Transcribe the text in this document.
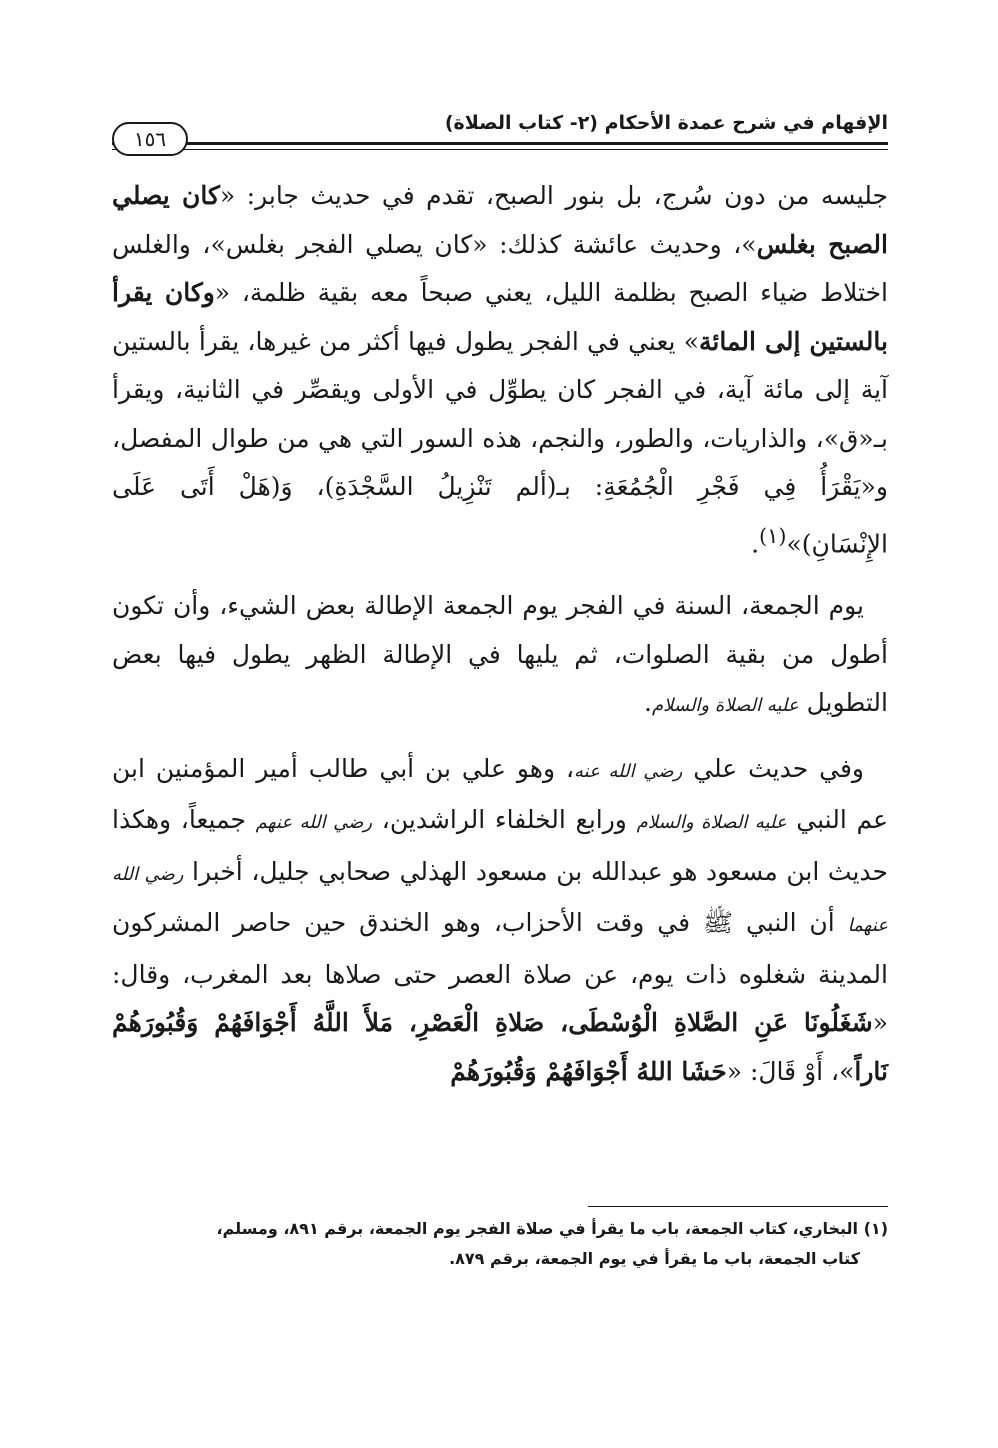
الإفهام في شرح عمدة الأحكام (٢- كتاب الصلاة)
١٥٦

جليسه من دون سُرج، بل بنور الصبح، تقدم في حديث جابر: «كان يصلي الصبح بغلس»، وحديث عائشة كذلك: «كان يصلي الفجر بغلس»، والغلس اختلاط ضياء الصبح بظلمة الليل، يعني صبحاً معه بقية ظلمة، «وكان يقرأ بالستين إلى المائة» يعني في الفجر يطول فيها أكثر من غيرها، يقرأ بالستين آية إلى مائة آية، في الفجر كان يطوِّل في الأولى ويقصِّر في الثانية، ويقرأ بـ«ق»، والذاريات، والطور، والنجم، هذه السور التي هي من طوال المفصل، و«يَقْرَأُ فِي فَجْرِ الْجُمُعَةِ: بـ(ألم تَنْزِيلُ السَّجْدَةِ)، وَ(هَلْ أَتَى عَلَى الإِنْسَانِ)»$^{(١)}$.

يوم الجمعة، السنة في الفجر يوم الجمعة الإطالة بعض الشيء، وأن تكون أطول من بقية الصلوات، ثم يليها في الإطالة الظهر يطول فيها بعض التطويل عليه الصلاة والسلام.

وفي حديث علي رضي الله عنه، وهو علي بن أبي طالب أمير المؤمنين ابن عم النبي عليه الصلاة والسلام ورابع الخلفاء الراشدين، رضي الله عنهم جميعاً، وهكذا حديث ابن مسعود هو عبدالله بن مسعود الهذلي صحابي جليل، أخبرا رضي الله عنهما أن النبي ﷺ في وقت الأحزاب، وهو الخندق حين حاصر المشركون المدينة شغلوه ذات يوم، عن صلاة العصر حتى صلاها بعد المغرب، وقال: «شَغَلُونَا عَنِ الصَّلاةِ الْوُسْطَى، صَلاةِ الْعَصْرِ، مَلأَ اللَّهُ أَجْوَافَهُمْ وَقُبُورَهُمْ نَاراً»، أَوْ قَالَ: «حَشَا اللهُ أَجْوَافَهُمْ وَقُبُورَهُمْ

(١) البخاري، كتاب الجمعة، باب ما يقرأ في صلاة الفجر يوم الجمعة، برقم ٨٩١، ومسلم،

كتاب الجمعة، باب ما يقرأ في يوم الجمعة، برقم ٨٧٩.
